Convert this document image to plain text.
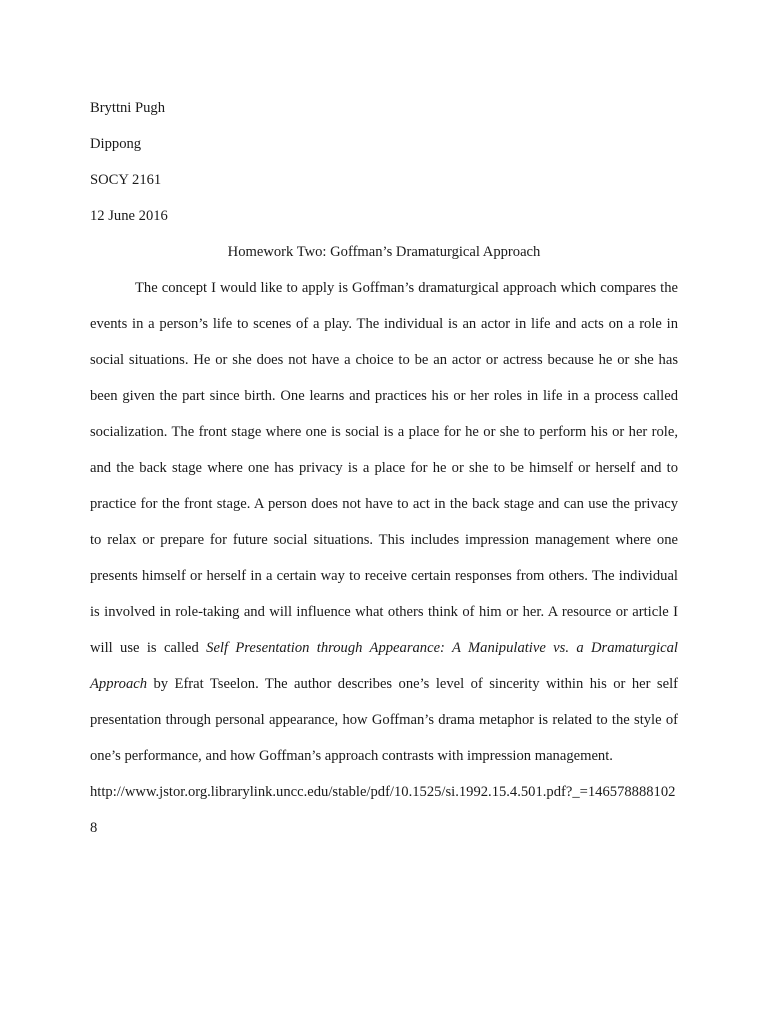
Bryttni Pugh
Dippong
SOCY 2161
12 June 2016
Homework Two: Goffman’s Dramaturgical Approach

The concept I would like to apply is Goffman’s dramaturgical approach which compares the events in a person’s life to scenes of a play. The individual is an actor in life and acts on a role in social situations. He or she does not have a choice to be an actor or actress because he or she has been given the part since birth. One learns and practices his or her roles in life in a process called socialization. The front stage where one is social is a place for he or she to perform his or her role, and the back stage where one has privacy is a place for he or she to be himself or herself and to practice for the front stage. A person does not have to act in the back stage and can use the privacy to relax or prepare for future social situations. This includes impression management where one presents himself or herself in a certain way to receive certain responses from others. The individual is involved in role-taking and will influence what others think of him or her. A resource or article I will use is called Self Presentation through Appearance: A Manipulative vs. a Dramaturgical Approach by Efrat Tseelon. The author describes one’s level of sincerity within his or her self presentation through personal appearance, how Goffman’s drama metaphor is related to the style of one’s performance, and how Goffman’s approach contrasts with impression management.

http://www.jstor.org.librarylink.uncc.edu/stable/pdf/10.1525/si.1992.15.4.501.pdf?_=1465788881028
